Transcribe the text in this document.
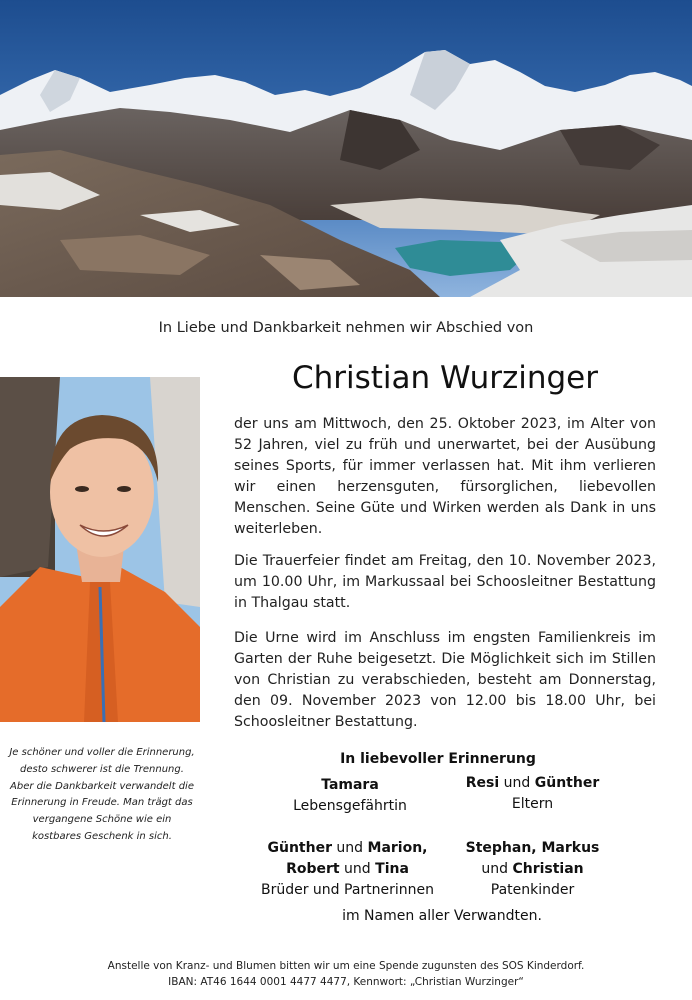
In Liebe und Dankbarkeit nehmen wir Abschied von
Je schöner und voller die Erinnerung, desto schwerer ist die Trennung. Aber die Dankbarkeit verwandelt die Erinnerung in Freude. Man trägt das vergangene Schöne wie ein kostbares Geschenk in sich.
Christian Wurzinger

der uns am Mittwoch, den 25. Oktober 2023, im Alter von 52 Jahren, viel zu früh und unerwartet, bei der Ausübung seines Sports, für immer verlassen hat. Mit ihm verlieren wir einen herzensguten, fürsorglichen, liebevollen Menschen. Seine Güte und Wirken werden als Dank in uns weiterleben.

Die Trauerfeier findet am Freitag, den 10. November 2023, um 10.00 Uhr, im Markussaal bei Schoosleitner Bestattung in Thalgau statt.

Die Urne wird im Anschluss im engsten Familienkreis im Garten der Ruhe beigesetzt. Die Möglichkeit sich im Stillen von Christian zu verabschieden, besteht am Donnerstag, den 09. November 2023 von 12.00 bis 18.00 Uhr, bei Schoosleitner Bestattung.

In liebevoller Erinnerung
Tamara
Lebensgefährtin
Resi und Günther
Eltern
Günther und Marion,
Robert und Tina
Brüder und Partnerinnen
Stephan, Markus
und Christian
Patenkinder
im Namen aller Verwandten.
Anstelle von Kranz- und Blumen bitten wir um eine Spende zugunsten des SOS Kinderdorf.
IBAN: AT46 1644 0001 4477 4477, Kennwort: „Christian Wurzinger“
